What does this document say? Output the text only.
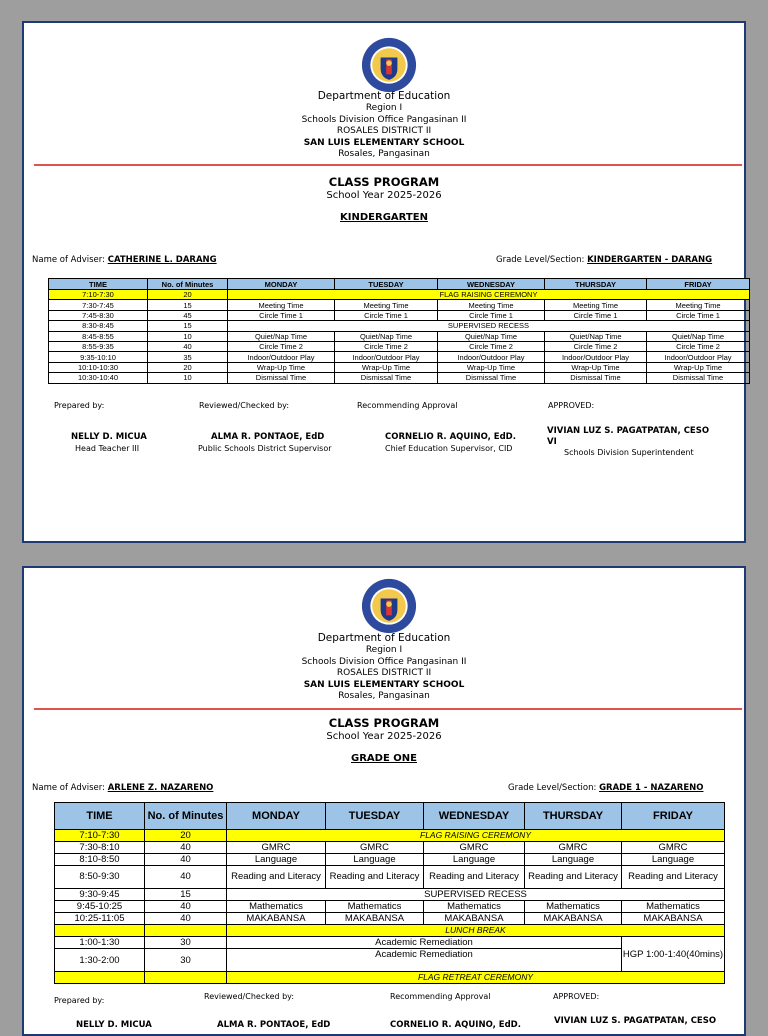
Department of Education
Region I
Schools Division Office Pangasinan II
ROSALES DISTRICT II
SAN LUIS ELEMENTARY SCHOOL
Rosales, Pangasinan
CLASS PROGRAM
School Year 2025-2026
KINDERGARTEN
Name of Adviser: CATHERINE L. DARANG	Grade Level/Section: KINDERGARTEN - DARANG
TIME	No. of Minutes	MONDAY	TUESDAY	WEDNESDAY	THURSDAY	FRIDAY
7:10-7:30	20	FLAG RAISING CEREMONY				
7:30-7:45	15	Meeting Time	Meeting Time	Meeting Time	Meeting Time	Meeting Time
7:45-8:30	45	Circle Time 1	Circle Time 1	Circle Time 1	Circle Time 1	Circle Time 1
8:30-8:45	15	SUPERVISED RECESS				
8:45-8:55	10	Quiet/Nap Time	Quiet/Nap Time	Quiet/Nap Time	Quiet/Nap Time	Quiet/Nap Time
8:55-9:35	40	Circle Time 2	Circle Time 2	Circle Time 2	Circle Time 2	Circle Time 2
9:35-10:10	35	Indoor/Outdoor Play	Indoor/Outdoor Play	Indoor/Outdoor Play	Indoor/Outdoor Play	Indoor/Outdoor Play
10:10-10:30	20	Wrap-Up Time	Wrap-Up Time	Wrap-Up Time	Wrap-Up Time	Wrap-Up Time
10:30-10:40	10	Dismissal Time	Dismissal Time	Dismissal Time	Dismissal Time	Dismissal Time
Prepared by:	Reviewed/Checked by:	Recommending Approval	APPROVED:
NELLY D. MICUA
Head Teacher III
ALMA R. PONTAOE, EdD
Public Schools District Supervisor
CORNELIO R. AQUINO, EdD.
Chief Education Supervisor, CID
VIVIAN LUZ S. PAGATPATAN, CESO
VI
Schools Division Superintendent
Department of Education
Region I
Schools Division Office Pangasinan II
ROSALES DISTRICT II
SAN LUIS ELEMENTARY SCHOOL
Rosales, Pangasinan
CLASS PROGRAM
School Year 2025-2026
GRADE ONE
Name of Adviser: ARLENE Z. NAZARENO	Grade Level/Section: GRADE 1 - NAZARENO
TIME	No. of Minutes	MONDAY	TUESDAY	WEDNESDAY	THURSDAY	FRIDAY
7:10-7:30	20	FLAG RAISING CEREMONY				
7:30-8:10	40	GMRC	GMRC	GMRC	GMRC	GMRC
8:10-8:50	40	Language	Language	Language	Language	Language
8:50-9:30	40	Reading and Literacy	Reading and Literacy	Reading and Literacy	Reading and Literacy	Reading and Literacy
9:30-9:45	15	SUPERVISED RECESS				
9:45-10:25	40	Mathematics	Mathematics	Mathematics	Mathematics	Mathematics
10:25-11:05	40	MAKABANSA	MAKABANSA	MAKABANSA	MAKABANSA	MAKABANSA
		LUNCH BREAK				
1:00-1:30	30	Academic Remediation				HGP 1:00-1:40(40mins)
1:30-2:00	30	Academic Remediation				
		FLAG RETREAT CEREMONY				
Prepared by:	Reviewed/Checked by:	Recommending Approval	APPROVED:
NELLY D. MICUA	ALMA R. PONTAOE, EdD	CORNELIO R. AQUINO, EdD.	VIVIAN LUZ S. PAGATPATAN, CESO
